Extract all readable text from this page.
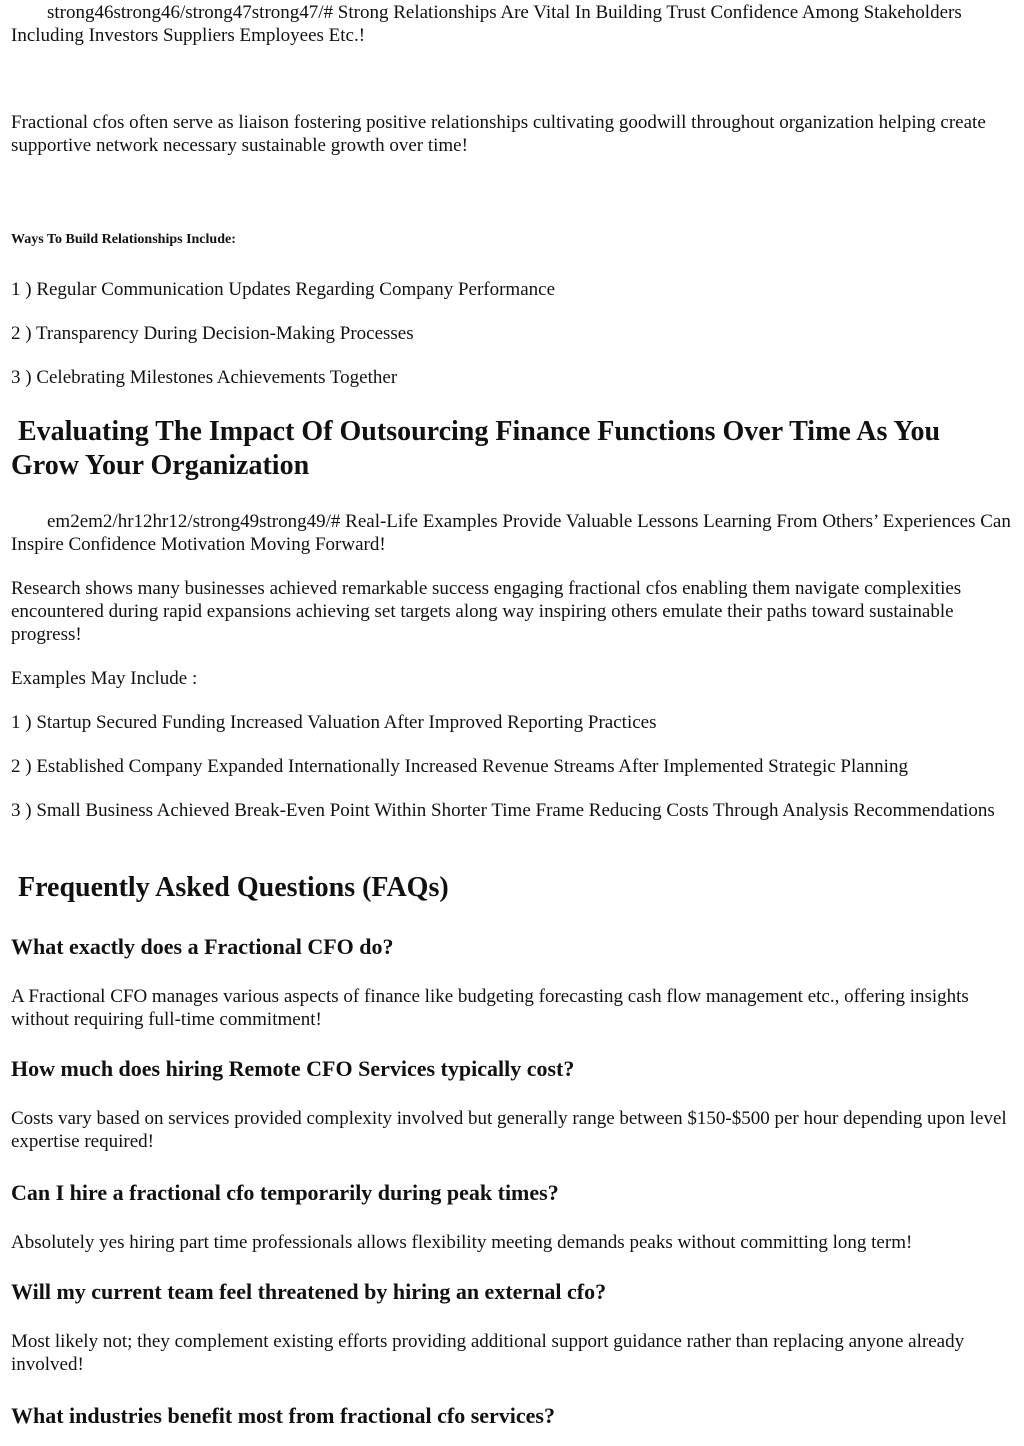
strong46strong46/strong47strong47/# Strong Relationships Are Vital In Building Trust Confidence Among Stakeholders Including Investors Suppliers Employees Etc.!

Fractional cfos often serve as liaison fostering positive relationships cultivating goodwill throughout organization helping create supportive network necessary sustainable growth over time!

Ways To Build Relationships Include:

1 ) Regular Communication Updates Regarding Company Performance

2 ) Transparency During Decision-Making Processes

3 ) Celebrating Milestones Achievements Together

Evaluating The Impact Of Outsourcing Finance Functions Over Time As You Grow Your Organization

em2em2/hr12hr12/strong49strong49/# Real-Life Examples Provide Valuable Lessons Learning From Others’ Experiences Can Inspire Confidence Motivation Moving Forward!

Research shows many businesses achieved remarkable success engaging fractional cfos enabling them navigate complexities encountered during rapid expansions achieving set targets along way inspiring others emulate their paths toward sustainable progress!

Examples May Include :

1 ) Startup Secured Funding Increased Valuation After Improved Reporting Practices

2 ) Established Company Expanded Internationally Increased Revenue Streams After Implemented Strategic Planning

3 ) Small Business Achieved Break-Even Point Within Shorter Time Frame Reducing Costs Through Analysis Recommendations

Frequently Asked Questions (FAQs)
What exactly does a Fractional CFO do?

A Fractional CFO manages various aspects of finance like budgeting forecasting cash flow management etc., offering insights without requiring full-time commitment!

How much does hiring Remote CFO Services typically cost?

Costs vary based on services provided complexity involved but generally range between $150-$500 per hour depending upon level expertise required!

Can I hire a fractional cfo temporarily during peak times?

Absolutely yes hiring part time professionals allows flexibility meeting demands peaks without committing long term!

Will my current team feel threatened by hiring an external cfo?

Most likely not; they complement existing efforts providing additional support guidance rather than replacing anyone already involved!

What industries benefit most from fractional cfo services?
